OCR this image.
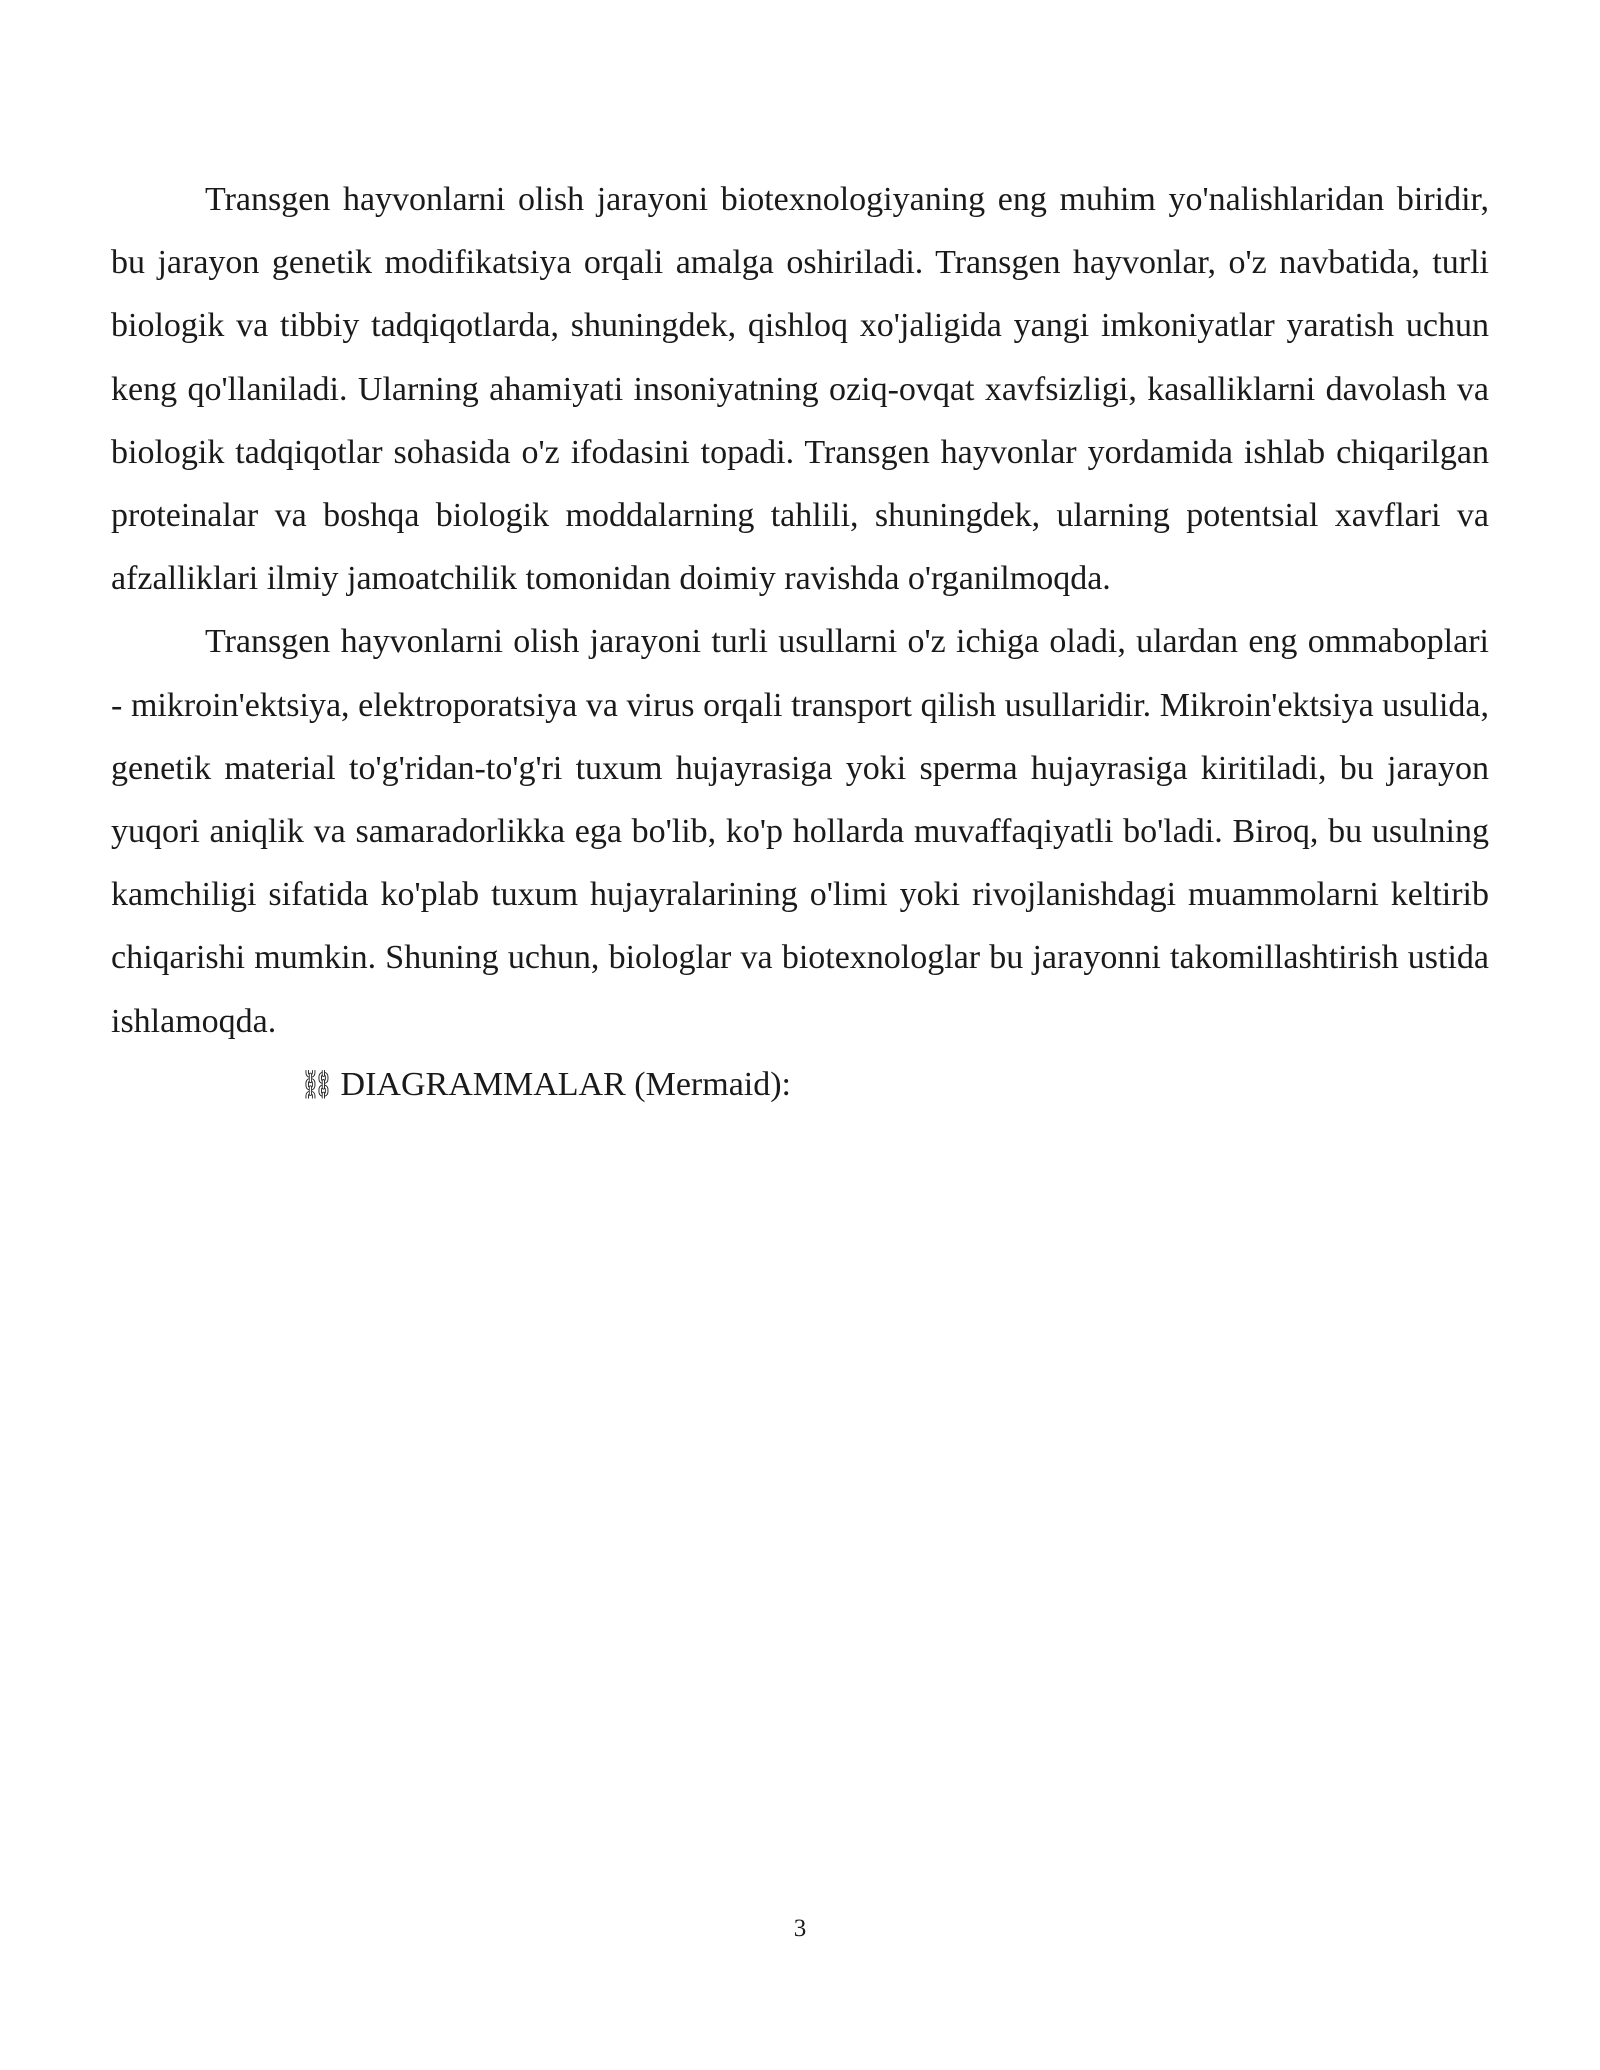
Transgen hayvonlarni olish jarayoni biotexnologiyaning eng muhim yo'nalishlaridan biridir, bu jarayon genetik modifikatsiya orqali amalga oshiriladi. Transgen hayvonlar, o'z navbatida, turli biologik va tibbiy tadqiqotlarda, shuningdek, qishloq xo'jaligida yangi imkoniyatlar yaratish uchun keng qo'llaniladi. Ularning ahamiyati insoniyatning oziq-ovqat xavfsizligi, kasalliklarni davolash va biologik tadqiqotlar sohasida o'z ifodasini topadi. Transgen hayvonlar yordamida ishlab chiqarilgan proteinalar va boshqa biologik moddalarning tahlili, shuningdek, ularning potentsial xavflari va afzalliklari ilmiy jamoatchilik tomonidan doimiy ravishda o'rganilmoqda.

Transgen hayvonlarni olish jarayoni turli usullarni o'z ichiga oladi, ulardan eng ommaboplari - mikroin'ektsiya, elektroporatsiya va virus orqali transport qilish usullaridir. Mikroin'ektsiya usulida, genetik material to'g'ridan-to'g'ri tuxum hujayrasiga yoki sperma hujayrasiga kiritiladi, bu jarayon yuqori aniqlik va samaradorlikka ega bo'lib, ko'p hollarda muvaffaqiyatli bo'ladi. Biroq, bu usulning kamchiligi sifatida ko'plab tuxum hujayralarining o'limi yoki rivojlanishdagi muammolarni keltirib chiqarishi mumkin. Shuning uchun, biologlar va biotexnologlar bu jarayonni takomillashtirish ustida ishlamoqda.

⛓ DIAGRAMMALAR (Mermaid):

3
